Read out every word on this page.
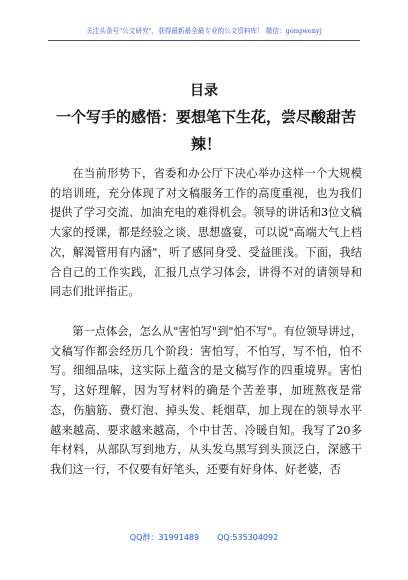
关注头条号"公文研究"，获得最新最全最专业的公文资料库！ 微信：gongwenyj
目录
一个写手的感悟：要想笔下生花，尝尽酸甜苦辣！

在当前形势下，省委和办公厅下决心举办这样一个大规模的培训班，充分体现了对文稿服务工作的高度重视，也为我们提供了学习交流、加油充电的难得机会。领导的讲话和3位文稿大家的授课，都是经验之谈、思想盛宴，可以说"高端大气上档次，解渴管用有内涵"，听了感同身受、受益匪浅。下面，我结合自己的工作实践，汇报几点学习体会，讲得不对的请领导和同志们批评指正。

第一点体会，怎么从"害怕写"到"怕不写"。有位领导讲过，文稿写作都会经历几个阶段：害怕写，不怕写，写不怕，怕不写。细细品味，这实际上蕴含的是文稿写作的四重境界。害怕写，这好理解，因为写材料的确是个苦差事，加班熬夜是常态，伤脑筋、费灯泡、掉头发、耗烟草，加上现在的领导水平越来越高、要求越来越高，个中甘苦、冷暖自知。我写了20多年材料，从部队写到地方，从头发乌黑写到头顶泛白，深感干我们这一行，不仅要有好笔头，还要有好身体、好老婆，否

QQ群：31991489 QQ:535304092
